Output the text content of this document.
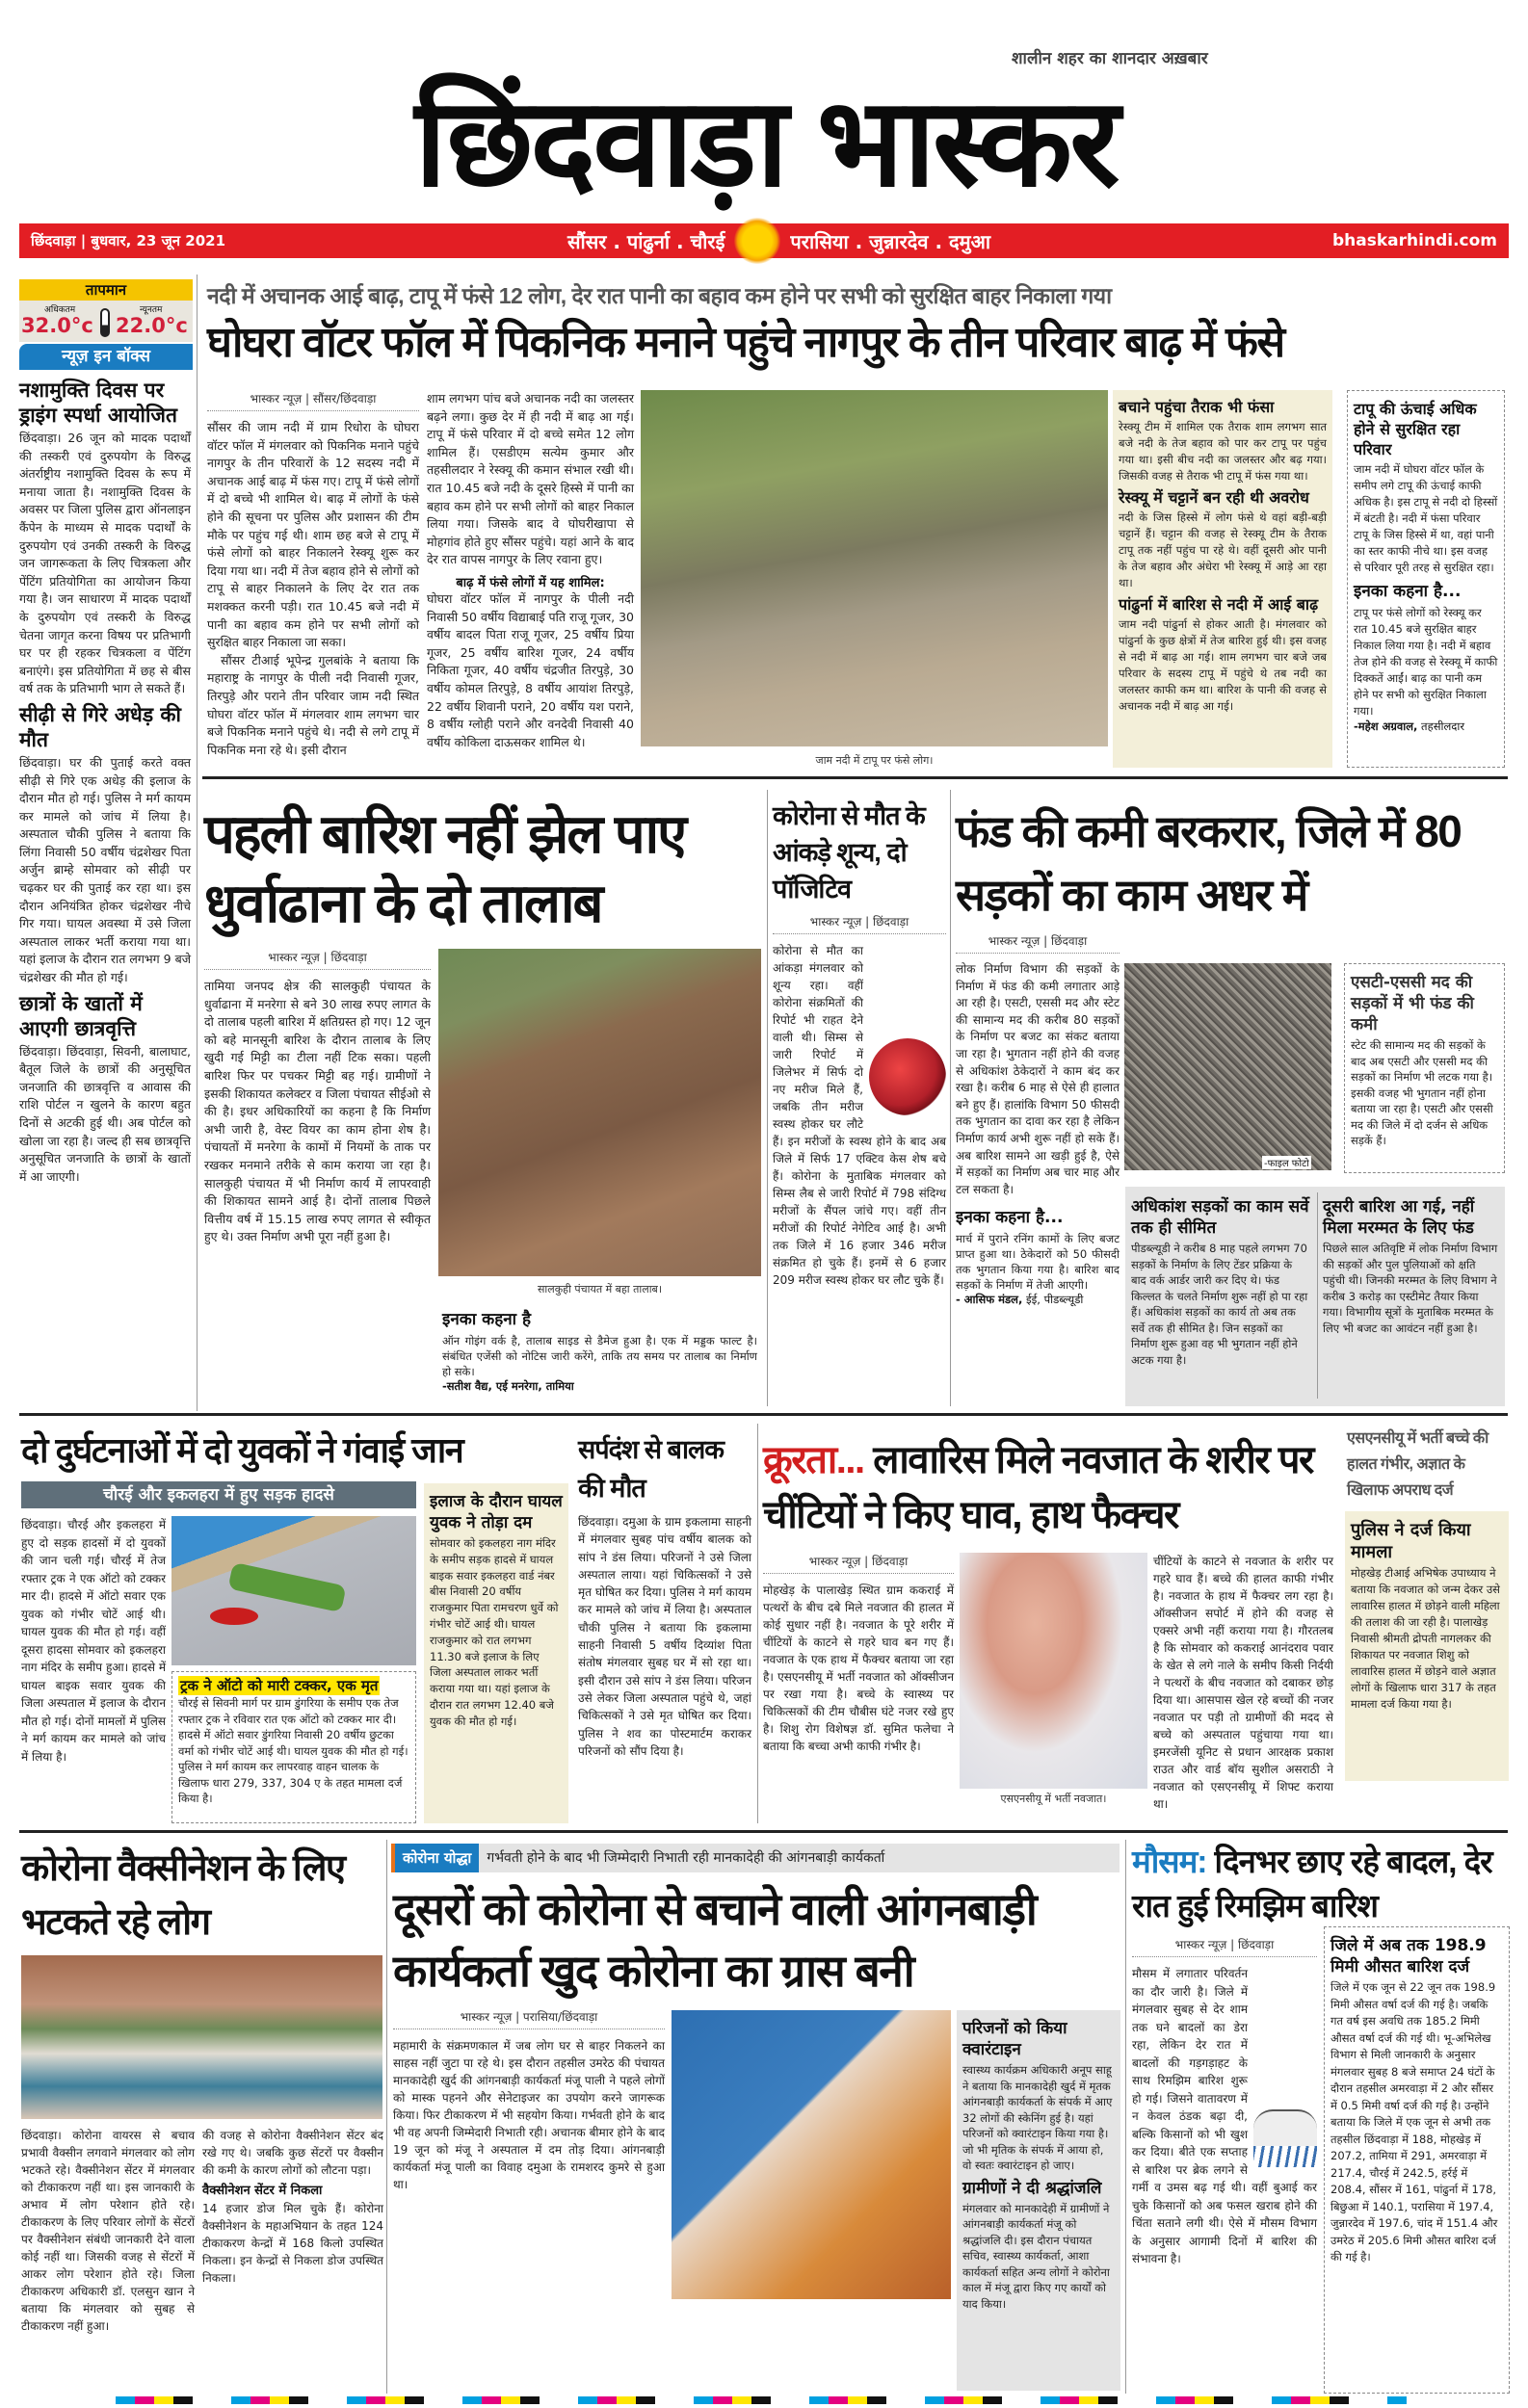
शालीन शहर का शानदार अख़बार
छिंदवाड़ा भास्कर
छिंदवाड़ा | बुधवार, 23 जून 2021	सौंसर . पांढुर्ना . चौरई	परासिया . जुन्नारदेव . दमुआ	bhaskarhindi.com
तापमान
अधिकतम	न्यूनतम
32.0°c 22.0°c
न्यूज़ इन बॉक्स
नशामुक्ति दिवस पर ड्राइंग स्पर्धा आयोजित
छिंदवाड़ा। 26 जून को मादक पदार्थों की तस्करी एवं दुरुपयोग के विरुद्ध अंतर्राष्ट्रीय नशामुक्ति दिवस के रूप में मनाया जाता है। नशामुक्ति दिवस के अवसर पर जिला पुलिस द्वारा ऑनलाइन कैंपेन के माध्यम से मादक पदार्थों के दुरुपयोग एवं उनकी तस्करी के विरुद्ध जन जागरूकता के लिए चित्रकला और पेंटिंग प्रतियोगिता का आयोजन किया गया है। जन साधारण में मादक पदार्थों के दुरुपयोग एवं तस्करी के विरुद्ध चेतना जागृत करना विषय पर प्रतिभागी घर पर ही रहकर चित्रकला व पेंटिंग बनाएंगे। इस प्रतियोगिता में छह से बीस वर्ष तक के प्रतिभागी भाग ले सकते हैं।
सीढ़ी से गिरे अधेड़ की मौत
छिंदवाड़ा। घर की पुताई करते वक्त सीढ़ी से गिरे एक अधेड़ की इलाज के दौरान मौत हो गई। पुलिस ने मर्ग कायम कर मामले को जांच में लिया है। अस्पताल चौकी पुलिस ने बताया कि लिंगा निवासी 50 वर्षीय चंद्रशेखर पिता अर्जुन ब्राम्हे सोमवार को सीढ़ी पर चढ़कर घर की पुताई कर रहा था। इस दौरान अनियंत्रित होकर चंद्रशेखर नीचे गिर गया। घायल अवस्था में उसे जिला अस्पताल लाकर भर्ती कराया गया था। यहां इलाज के दौरान रात लगभग 9 बजे चंद्रशेखर की मौत हो गई।
छात्रों के खातों में आएगी छात्रवृत्ति
छिंदवाड़ा। छिंदवाड़ा, सिवनी, बालाघाट, बैतूल जिले के छात्रों की अनुसूचित जनजाति की छात्रवृत्ति व आवास की राशि पोर्टल न खुलने के कारण बहुत दिनों से अटकी हुई थी। अब पोर्टल को खोला जा रहा है। जल्द ही सब छात्रवृत्ति अनुसूचित जनजाति के छात्रों के खातों में आ जाएगी।
नदी में अचानक आई बाढ़, टापू में फंसे 12 लोग, देर रात पानी का बहाव कम होने पर सभी को सुरक्षित बाहर निकाला गया
घोघरा वॉटर फॉल में पिकनिक मनाने पहुंचे नागपुर के तीन परिवार बाढ़ में फंसे
भास्कर न्यूज़ | सौंसर/छिंदवाड़ा
सौंसर की जाम नदी में ग्राम रिधोरा के घोघरा वॉटर फॉल में मंगलवार को पिकनिक मनाने पहुंचे नागपुर के तीन परिवारों के 12 सदस्य नदी में अचानक आई बाढ़ में फंस गए। टापू में फंसे लोगों में दो बच्चे भी शामिल थे। बाढ़ में लोगों के फंसे होने की सूचना पर पुलिस और प्रशासन की टीम मौके पर पहुंच गई थी। शाम छह बजे से टापू में फंसे लोगों को बाहर निकालने रेस्क्यू शुरू कर दिया गया था। नदी में तेज बहाव होने से लोगों को टापू से बाहर निकालने के लिए देर रात तक मशक्कत करनी पड़ी। रात 10.45 बजे नदी में पानी का बहाव कम होने पर सभी लोगों को सुरक्षित बाहर निकाला जा सका।
सौंसर टीआई भूपेन्द्र गुलबांके ने बताया कि महाराष्ट्र के नागपुर के पीली नदी निवासी गूजर, तिरपुड़े और पराने तीन परिवार जाम नदी स्थित घोघरा वॉटर फॉल में मंगलवार शाम लगभग चार बजे पिकनिक मनाने पहुंचे थे। नदी से लगे टापू में पिकनिक मना रहे थे। इसी दौरान
शाम लगभग पांच बजे अचानक नदी का जलस्तर बढ़ने लगा। कुछ देर में ही नदी में बाढ़ आ गई। टापू में फंसे परिवार में दो बच्चे समेत 12 लोग शामिल हैं। एसडीएम सत्येम कुमार और तहसीलदार ने रेस्क्यू की कमान संभाल रखी थी। रात 10.45 बजे नदी के दूसरे हिस्से में पानी का बहाव कम होने पर सभी लोगों को बाहर निकाल लिया गया। जिसके बाद वे घोघरीखापा से मोहगांव होते हुए सौंसर पहुंचे। यहां आने के बाद देर रात वापस नागपुर के लिए रवाना हुए।
बाढ़ में फंसे लोगों में यह शामिल:
घोघरा वॉटर फॉल में नागपुर के पीली नदी निवासी 50 वर्षीय विद्याबाई पति राजू गूजर, 30 वर्षीय बादल पिता राजू गूजर, 25 वर्षीय प्रिया गूजर, 25 वर्षीय बारिश गूजर, 24 वर्षीय निकिता गूजर, 40 वर्षीय चंद्रजीत तिरपुड़े, 30 वर्षीय कोमल तिरपुड़े, 8 वर्षीय आयांश तिरपुड़े, 22 वर्षीय शिवानी पराने, 20 वर्षीय यश पराने, 8 वर्षीय ग्लोही पराने और वनदेवी निवासी 40 वर्षीय कोकिला दाऊसकर शामिल थे।
जाम नदी में टापू पर फंसे लोग।
बचाने पहुंचा तैराक भी फंसा
रेस्क्यू टीम में शामिल एक तैराक शाम लगभग सात बजे नदी के तेज बहाव को पार कर टापू पर पहुंच गया था। इसी बीच नदी का जलस्तर और बढ़ गया। जिसकी वजह से तैराक भी टापू में फंस गया था।
रेस्क्यू में चट्टानें बन रही थी अवरोध
नदी के जिस हिस्से में लोग फंसे थे वहां बड़ी-बड़ी चट्टानें हैं। चट्टान की वजह से रेस्क्यू टीम के तैराक टापू तक नहीं पहुंच पा रहे थे। वहीं दूसरी ओर पानी के तेज बहाव और अंधेरा भी रेस्क्यू में आड़े आ रहा था।
पांढुर्ना में बारिश से नदी में आई बाढ़
जाम नदी पांढुर्ना से होकर आती है। मंगलवार को पांढुर्ना के कुछ क्षेत्रों में तेज बारिश हुई थी। इस वजह से नदी में बाढ़ आ गई। शाम लगभग चार बजे जब परिवार के सदस्य टापू में पहुंचे थे तब नदी का जलस्तर काफी कम था। बारिश के पानी की वजह से अचानक नदी में बाढ़ आ गई।
टापू की ऊंचाई अधिक होने से सुरक्षित रहा परिवार
जाम नदी में घोघरा वॉटर फॉल के समीप लगे टापू की ऊंचाई काफी अधिक है। इस टापू से नदी दो हिस्सों में बंटती है। नदी में फंसा परिवार टापू के जिस हिस्से में था, वहां पानी का स्तर काफी नीचे था। इस वजह से परिवार पूरी तरह से सुरक्षित रहा।
इनका कहना है...
टापू पर फंसे लोगों को रेस्क्यू कर रात 10.45 बजे सुरक्षित बाहर निकाल लिया गया है। नदी में बहाव तेज होने की वजह से रेस्क्यू में काफी दिक्कतें आईं। बाढ़ का पानी कम होने पर सभी को सुरक्षित निकाला गया।
-महेश अग्रवाल, तहसीलदार
पहली बारिश नहीं झेल पाए धुर्वाढाना के दो तालाब
भास्कर न्यूज़ | छिंदवाड़ा
तामिया जनपद क्षेत्र की सालकुही पंचायत के धुर्वाढाना में मनरेगा से बने 30 लाख रुपए लागत के दो तालाब पहली बारिश में क्षतिग्रस्त हो गए। 12 जून को बहे मानसूनी बारिश के दौरान तालाब के लिए खुदी गई मिट्टी का टीला नहीं टिक सका। पहली बारिश फिर पर पचकर मिट्टी बह गई। ग्रामीणों ने इसकी शिकायत कलेक्टर व जिला पंचायत सीईओ से की है। इधर अधिकारियों का कहना है कि निर्माण अभी जारी है, वेस्ट वियर का काम होना शेष है। पंचायतों में मनरेगा के कामों में नियमों के ताक पर रखकर मनमाने तरीके से काम कराया जा रहा है। सालकुही पंचायत में भी निर्माण कार्य में लापरवाही की शिकायत सामने आई है। दोनों तालाब पिछले वित्तीय वर्ष में 15.15 लाख रुपए लागत से स्वीकृत हुए थे। उक्त निर्माण अभी पूरा नहीं हुआ है।
सालकुही पंचायत में बहा तालाब।
इनका कहना है
ऑन गोइंग वर्क है, तालाब साइड से डैमेज हुआ है। एक में मड्डक फाल्ट है। संबंधित एजेंसी को नोटिस जारी करेंगे, ताकि तय समय पर तालाब का निर्माण हो सके।
-सतीश वैद्य, एई मनरेगा, तामिया
कोरोना से मौत के आंकड़े शून्य, दो पॉजिटिव
भास्कर न्यूज़ | छिंदवाड़ा
कोरोना से मौत का आंकड़ा मंगलवार को शून्य रहा। वहीं कोरोना संक्रमितों की रिपोर्ट भी राहत देने वाली थी। सिम्स से जारी रिपोर्ट में जिलेभर में सिर्फ दो नए मरीज मिले हैं, जबकि तीन मरीज स्वस्थ होकर घर लौटे हैं। इन मरीजों के स्वस्थ होने के बाद अब जिले में सिर्फ 17 एक्टिव केस शेष बचे हैं। कोरोना के मुताबिक मंगलवार को सिम्स लैब से जारी रिपोर्ट में 798 संदिग्ध मरीजों के सैंपल जांचे गए। वहीं तीन मरीजों की रिपोर्ट नेगेटिव आई है। अभी तक जिले में 16 हजार 346 मरीज संक्रमित हो चुके हैं। इनमें से 6 हजार 209 मरीज स्वस्थ होकर घर लौट चुके हैं।
फंड की कमी बरकरार, जिले में 80 सड़कों का काम अधर में
भास्कर न्यूज़ | छिंदवाड़ा
लोक निर्माण विभाग की सड़कों के निर्माण में फंड की कमी लगातार आड़े आ रही है। एसटी, एससी मद और स्टेट की सामान्य मद की करीब 80 सड़कों के निर्माण पर बजट का संकट बताया जा रहा है। भुगतान नहीं होने की वजह से अधिकांश ठेकेदारों ने काम बंद कर रखा है। करीब 6 माह से ऐसे ही हालात बने हुए हैं। हालांकि विभाग 50 फीसदी तक भुगतान का दावा कर रहा है लेकिन निर्माण कार्य अभी शुरू नहीं हो सके हैं। अब बारिश सामने आ खड़ी हुई है, ऐसे में सड़कों का निर्माण अब चार माह और टल सकता है।
इनका कहना है...
मार्च में पुराने रनिंग कामों के लिए बजट प्राप्त हुआ था। ठेकेदारों को 50 फीसदी तक भुगतान किया गया है। बारिश बाद सड़कों के निर्माण में तेजी आएगी।
- आसिफ मंडल, ईई, पीडब्ल्यूडी
-फाइल फोटो
एसटी-एससी मद की सड़कों में भी फंड की कमी
स्टेट की सामान्य मद की सड़कों के बाद अब एसटी और एससी मद की सड़कों का निर्माण भी लटक गया है। इसकी वजह भी भुगतान नहीं होना बताया जा रहा है। एसटी और एससी मद की जिले में दो दर्जन से अधिक सड़कें हैं।
अधिकांश सड़कों का काम सर्वे तक ही सीमित
पीडब्ल्यूडी ने करीब 8 माह पहले लगभग 70 सड़कों के निर्माण के लिए टेंडर प्रक्रिया के बाद वर्क आर्डर जारी कर दिए थे। फंड किल्लत के चलते निर्माण शुरू नहीं हो पा रहा हैं। अधिकांश सड़कों का कार्य तो अब तक सर्वे तक ही सीमित है। जिन सड़कों का निर्माण शुरू हुआ वह भी भुगतान नहीं होने अटक गया है।
दूसरी बारिश आ गई, नहीं मिला मरम्मत के लिए फंड
पिछले साल अतिवृष्टि में लोक निर्माण विभाग की सड़कों और पुल पुलियाओं को क्षति पहुंची थी। जिनकी मरम्मत के लिए विभाग ने करीब 3 करोड़ का एस्टीमेट तैयार किया गया। विभागीय सूत्रों के मुताबिक मरम्मत के लिए भी बजट का आवंटन नहीं हुआ है।
दो दुर्घटनाओं में दो युवकों ने गंवाई जान
चौरई और इकलहरा में हुए सड़क हादसे
छिंदवाड़ा। चौरई और इकलहरा में हुए दो सड़क हादसों में दो युवकों की जान चली गई। चौरई में तेज रफ्तार ट्रक ने एक ऑटो को टक्कर मार दी। हादसे में ऑटो सवार एक युवक को गंभीर चोटें आई थी। घायल युवक की मौत हो गई। वहीं दूसरा हादसा सोमवार को इकलहरा नाग मंदिर के समीप हुआ। हादसे में घायल बाइक सवार युवक की जिला अस्पताल में इलाज के दौरान मौत हो गई। दोनों मामलों में पुलिस ने मर्ग कायम कर मामले को जांच में लिया है।
ट्रक ने ऑटो को मारी टक्कर, एक मृत
चौरई से सिवनी मार्ग पर ग्राम डुंगरिया के समीप एक तेज रफ्तार ट्रक ने रविवार रात एक ऑटो को टक्कर मार दी। हादसे में ऑटो सवार डुंगरिया निवासी 20 वर्षीय छुटका वर्मा को गंभीर चोटें आई थी। घायल युवक की मौत हो गई। पुलिस ने मर्ग कायम कर लापरवाह वाहन चालक के खिलाफ धारा 279, 337, 304 ए के तहत मामला दर्ज किया है।
इलाज के दौरान घायल युवक ने तोड़ा दम
सोमवार को इकलहरा नाग मंदिर के समीप सड़क हादसे में घायल बाइक सवार इकलहरा वार्ड नंबर बीस निवासी 20 वर्षीय राजकुमार पिता रामचरण धुर्वे को गंभीर चोटें आई थी। घायल राजकुमार को रात लगभग 11.30 बजे इलाज के लिए जिला अस्पताल लाकर भर्ती कराया गया था। यहां इलाज के दौरान रात लगभग 12.40 बजे युवक की मौत हो गई।
सर्पदंश से बालक की मौत
छिंदवाड़ा। दमुआ के ग्राम इकलामा साहनी में मंगलवार सुबह पांच वर्षीय बालक को सांप ने डंस लिया। परिजनों ने उसे जिला अस्पताल लाया। यहां चिकित्सकों ने उसे मृत घोषित कर दिया। पुलिस ने मर्ग कायम कर मामले को जांच में लिया है। अस्पताल चौकी पुलिस ने बताया कि इकलामा साहनी निवासी 5 वर्षीय दिव्यांश पिता संतोष मंगलवार सुबह घर में सो रहा था। इसी दौरान उसे सांप ने डंस लिया। परिजन उसे लेकर जिला अस्पताल पहुंचे थे, जहां चिकित्सकों ने उसे मृत घोषित कर दिया। पुलिस ने शव का पोस्टमार्टम कराकर परिजनों को सौंप दिया है।
क्रूरता... लावारिस मिले नवजात के शरीर पर चींटियों ने किए घाव, हाथ फैक्चर
भास्कर न्यूज़ | छिंदवाड़ा
मोहखेड़ के पालाखेड़ स्थित ग्राम ककराई में पत्थरों के बीच दबे मिले नवजात की हालत में कोई सुधार नहीं है। नवजात के पूरे शरीर में चींटियों के काटने से गहरे घाव बन गए हैं। नवजात के एक हाथ में फैक्चर बताया जा रहा है। एसएनसीयू में भर्ती नवजात को ऑक्सीजन पर रखा गया है। बच्चे के स्वास्थ्य पर चिकित्सकों की टीम चौबीस घंटे नजर रखे हुए है। शिशु रोग विशेषज्ञ डॉ. सुमित फलेचा ने बताया कि बच्चा अभी काफी गंभीर है।
एसएनसीयू में भर्ती नवजात।
चींटियों के काटने से नवजात के शरीर पर गहरे घाव हैं। बच्चे की हालत काफी गंभीर है। नवजात के हाथ में फैक्चर लग रहा है। ऑक्सीजन सपोर्ट में होने की वजह से एक्सरे अभी नहीं कराया गया है। गौरतलब है कि सोमवार को ककराई आनंदराव पवार के खेत से लगे नाले के समीप किसी निर्दयी ने पत्थरों के बीच नवजात को दबाकर छोड़ दिया था। आसपास खेल रहे बच्चों की नजर नवजात पर पड़ी तो ग्रामीणों की मदद से बच्चे को अस्पताल पहुंचाया गया था। इमरजेंसी यूनिट से प्रधान आरक्षक प्रकाश राउत और वार्ड बॉय सुशील असराठी ने नवजात को एसएनसीयू में शिफ्ट कराया था।
एसएनसीयू में भर्ती बच्चे की हालत गंभीर, अज्ञात के खिलाफ अपराध दर्ज
पुलिस ने दर्ज किया मामला
मोहखेड़ टीआई अभिषेक उपाध्याय ने बताया कि नवजात को जन्म देकर उसे लावारिस हालत में छोड़ने वाली महिला की तलाश की जा रही है। पालाखेड़ निवासी श्रीमती द्रोपती नागलकर की शिकायत पर नवजात शिशु को लावारिस हालत में छोड़ने वाले अज्ञात लोगों के खिलाफ धारा 317 के तहत मामला दर्ज किया गया है।
कोरोना वैक्सीनेशन के लिए भटकते रहे लोग
छिंदवाड़ा। कोरोना वायरस से बचाव प्रभावी वैक्सीन लगवाने मंगलवार को लोग भटकते रहे। वैक्सीनेशन सेंटर में मंगलवार को टीकाकरण नहीं था। इस जानकारी के अभाव में लोग परेशान होते रहे। टीकाकरण के लिए परिवार लोगों के सेंटरों पर वैक्सीनेशन संबंधी जानकारी देने वाला कोई नहीं था। जिसकी वजह से सेंटरों में आकर लोग परेशान होते रहे। जिला टीकाकरण अधिकारी डॉ. एलसुन खान ने बताया कि मंगलवार को सुबह से टीकाकरण नहीं हुआ।
की वजह से कोरोना वैक्सीनेशन सेंटर बंद रखे गए थे। जबकि कुछ सेंटरों पर वैक्सीन की कमी के कारण लोगों को लौटना पड़ा।
वैक्सीनेशन सेंटर में निकला
14 हजार डोज मिल चुके हैं। कोरोना वैक्सीनेशन के महाअभियान के तहत 124 टीकाकरण केन्द्रों में 168 किलो उपस्थित निकला। इन केन्द्रों से निकला डोज उपस्थित निकला।
कोरोना योद्धा	गर्भवती होने के बाद भी जिम्मेदारी निभाती रही मानकादेही की आंगनबाड़ी कार्यकर्ता
दूसरों को कोरोना से बचाने वाली आंगनबाड़ी कार्यकर्ता खुद कोरोना का ग्रास बनी
भास्कर न्यूज़ | परासिया/छिंदवाड़ा
महामारी के संक्रमणकाल में जब लोग घर से बाहर निकलने का साहस नहीं जुटा पा रहे थे। इस दौरान तहसील उमरेठ की पंचायत मानकादेही खुर्द की आंगनबाड़ी कार्यकर्ता मंजू पाली ने पहले लोगों को मास्क पहनने और सेनेटाइजर का उपयोग करने जागरूक किया। फिर टीकाकरण में भी सहयोग किया। गर्भवती होने के बाद भी वह अपनी जिम्मेदारी निभाती रही। अचानक बीमार होने के बाद 19 जून को मंजू ने अस्पताल में दम तोड़ दिया। आंगनबाड़ी कार्यकर्ता मंजू पाली का विवाह दमुआ के रामशरद कुमरे से हुआ था।
परिजनों को किया क्वारंटाइन
स्वास्थ्य कार्यक्रम अधिकारी अनूप साहू ने बताया कि मानकादेही खुर्द में मृतक आंगनबाड़ी कार्यकर्ता के संपर्क में आए 32 लोगों की स्केनिंग हुई है। यहां परिजनों को क्वारंटाइन किया गया है। जो भी मृतिक के संपर्क में आया हो, वो स्वतः क्वारंटाइन हो जाए।
ग्रामीणों ने दी श्रद्धांजलि
मंगलवार को मानकादेही में ग्रामीणों ने आंगनबाड़ी कार्यकर्ता मंजू को श्रद्धांजलि दी। इस दौरान पंचायत सचिव, स्वास्थ्य कार्यकर्ता, आशा कार्यकर्ता सहित अन्य लोगों ने कोरोना काल में मंजू द्वारा किए गए कार्यों को याद किया।
मौसम: दिनभर छाए रहे बादल, देर रात हुई रिमझिम बारिश
भास्कर न्यूज़ | छिंदवाड़ा
मौसम में लगातार परिवर्तन का दौर जारी है। जिले में मंगलवार सुबह से देर शाम तक घने बादलों का डेरा रहा, लेकिन देर रात में बादलों की गड़गड़ाहट के साथ रिमझिम बारिश शुरू हो गई। जिसने वातावरण में न केवल ठंडक बढ़ा दी, बल्कि किसानों को भी खुश कर दिया। बीते एक सप्ताह से बारिश पर ब्रेक लगने से गर्मी व उमस बढ़ गई थी। वहीं बुआई कर चुके किसानों को अब फसल खराब होने की चिंता सताने लगी थी। ऐसे में मौसम विभाग के अनुसार आगामी दिनों में बारिश की संभावना है।
जिले में अब तक 198.9 मिमी औसत बारिश दर्ज
जिले में एक जून से 22 जून तक 198.9 मिमी औसत वर्षा दर्ज की गई है। जबकि गत वर्ष इस अवधि तक 185.2 मिमी औसत वर्षा दर्ज की गई थी। भू-अभिलेख विभाग से मिली जानकारी के अनुसार मंगलवार सुबह 8 बजे समाप्त 24 घंटों के दौरान तहसील अमरवाड़ा में 2 और सौंसर में 0.5 मिमी वर्षा दर्ज की गई है। उन्होंने बताया कि जिले में एक जून से अभी तक तहसील छिंदवाड़ा में 188, मोहखेड़ में 207.2, तामिया में 291, अमरवाड़ा में 217.4, चौरई में 242.5, हर्रई में 208.4, सौंसर में 161, पांढुर्ना में 178, बिछुआ में 140.1, परासिया में 197.4, जुन्नारदेव में 197.6, चांद में 151.4 और उमरेठ में 205.6 मिमी औसत बारिश दर्ज की गई है।
